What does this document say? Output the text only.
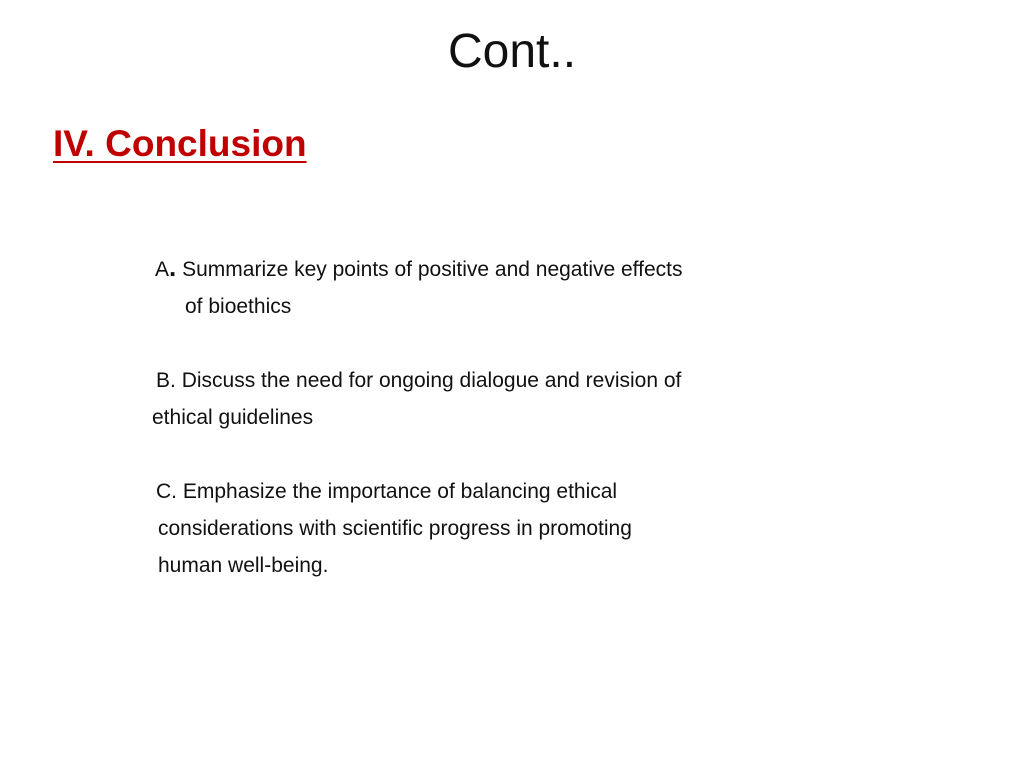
Cont..
IV. Conclusion
A. Summarize key points of positive and negative effects
of bioethics
B. Discuss the need for ongoing dialogue and revision of
ethical guidelines
C. Emphasize the importance of balancing ethical
considerations with scientific progress in promoting
human well-being.
